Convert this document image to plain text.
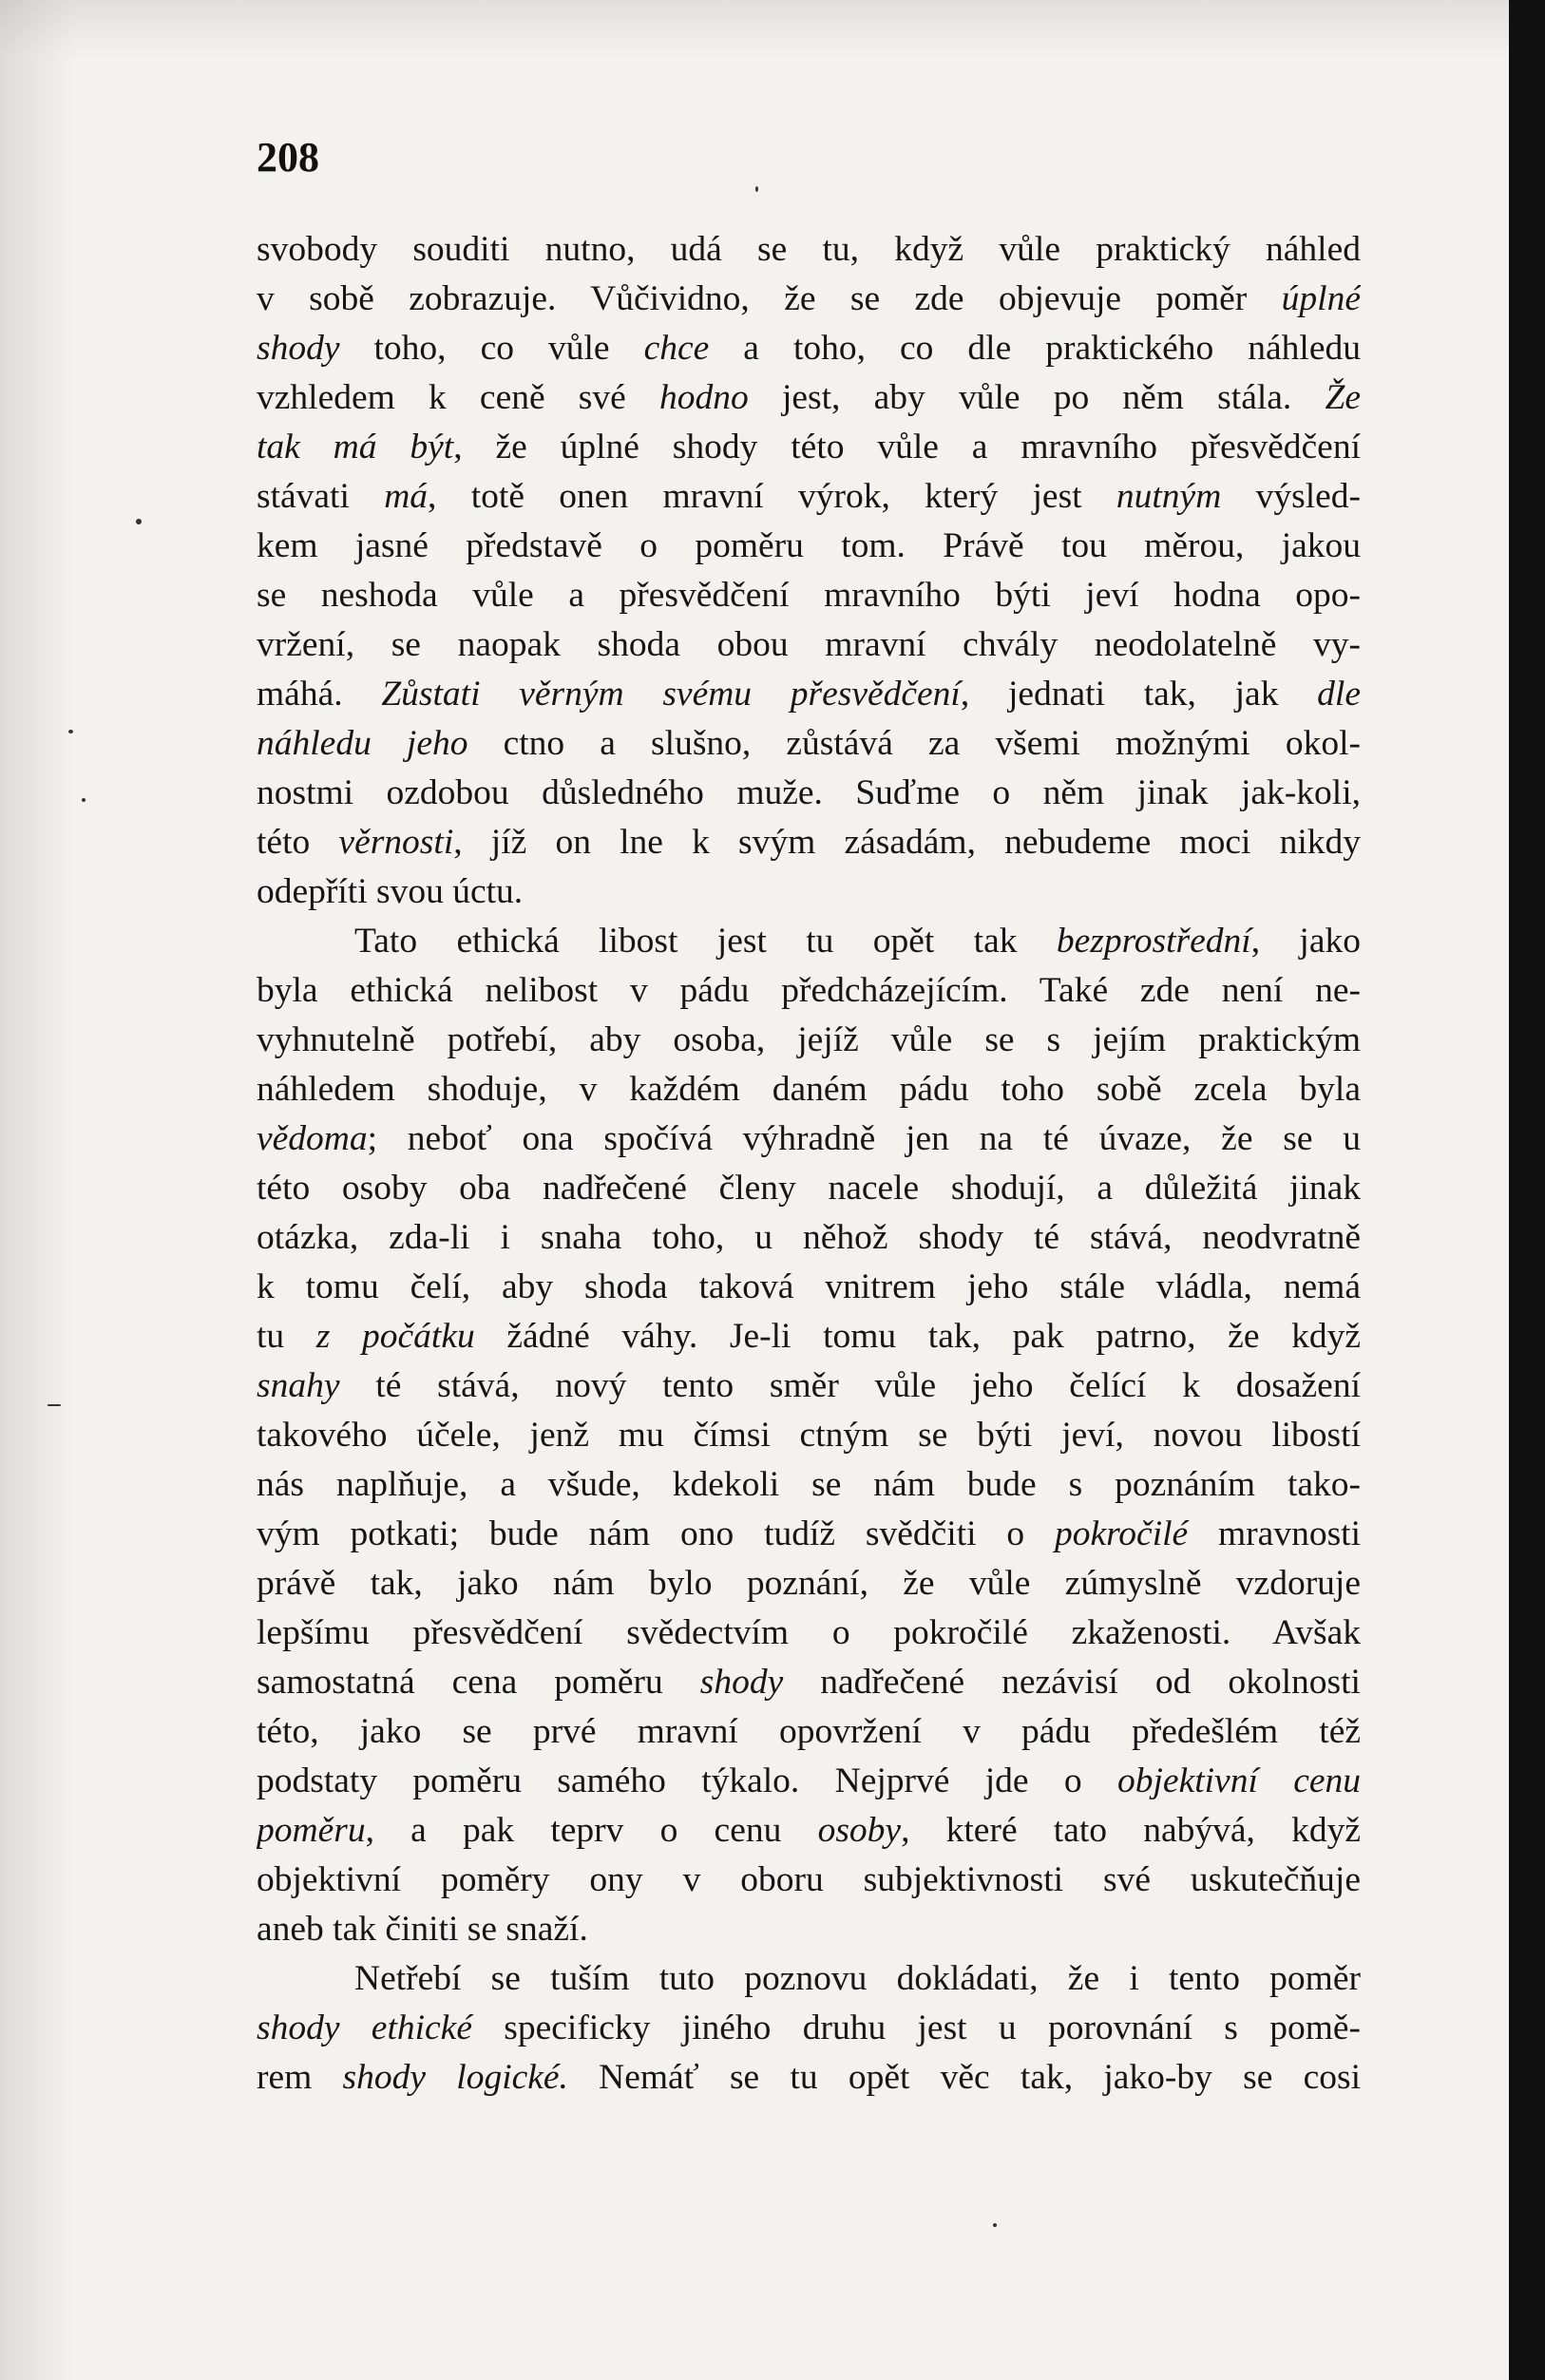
208
svobody souditi nutno, udá se tu, když vůle praktický náhled
v sobě zobrazuje. Vůčividno, že se zde objevuje poměr úplné
shody toho, co vůle chce a toho, co dle praktického náhledu
vzhledem k ceně své hodno jest, aby vůle po něm stála. Že
tak má být, že úplné shody této vůle a mravního přesvědčení
stávati má, totě onen mravní výrok, který jest nutným výsled-
kem jasné představě o poměru tom. Právě tou měrou, jakou
se neshoda vůle a přesvědčení mravního býti jeví hodna opo-
vržení, se naopak shoda obou mravní chvály neodolatelně vy-
máhá. Zůstati věrným svému přesvědčení, jednati tak, jak dle
náhledu jeho ctno a slušno, zůstává za všemi možnými okol-
nostmi ozdobou důsledného muže. Suďme o něm jinak jak-koli,
této věrnosti, jíž on lne k svým zásadám, nebudeme moci nikdy
odepříti svou úctu.
Tato ethická libost jest tu opět tak bezprostřední, jako
byla ethická nelibost v pádu předcházejícím. Také zde není ne-
vyhnutelně potřebí, aby osoba, jejíž vůle se s jejím praktickým
náhledem shoduje, v každém daném pádu toho sobě zcela byla
vědoma; neboť ona spočívá výhradně jen na té úvaze, že se u
této osoby oba nadřečené členy nacele shodují, a důležitá jinak
otázka, zda-li i snaha toho, u něhož shody té stává, neodvratně
k tomu čelí, aby shoda taková vnitrem jeho stále vládla, nemá
tu z počátku žádné váhy. Je-li tomu tak, pak patrno, že když
snahy té stává, nový tento směr vůle jeho čelící k dosažení
takového účele, jenž mu čímsi ctným se býti jeví, novou libostí
nás naplňuje, a všude, kdekoli se nám bude s poznáním tako-
vým potkati; bude nám ono tudíž svědčiti o pokročilé mravnosti
právě tak, jako nám bylo poznání, že vůle zúmyslně vzdoruje
lepšímu přesvědčení svědectvím o pokročilé zkaženosti. Avšak
samostatná cena poměru shody nadřečené nezávisí od okolnosti
této, jako se prvé mravní opovržení v pádu předešlém též
podstaty poměru samého týkalo. Nejprvé jde o objektivní cenu
poměru, a pak teprv o cenu osoby, které tato nabývá, když
objektivní poměry ony v oboru subjektivnosti své uskutečňuje
aneb tak činiti se snaží.
Netřebí se tuším tuto poznovu dokládati, že i tento poměr
shody ethické specificky jiného druhu jest u porovnání s pomě-
rem shody logické. Nemáť se tu opět věc tak, jako-by se cosi
